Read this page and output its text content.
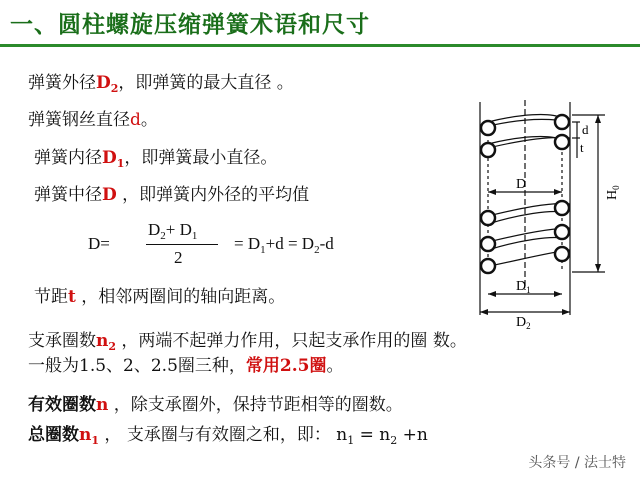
一、圆柱螺旋压缩弹簧术语和尺寸
弹簧外径$D_2$，即弹簧的最大直径 。
弹簧钢丝直径d。
弹簧内径$D_1$，即弹簧最小直径。
弹簧中径D ，即弹簧内外径的平均值
D=
$D_2+ D_1$
2
= $D_1+d = D_2-d$
节距t ，相邻两圈间的轴向距离。
支承圈数$n_2$ ，两端不起弹力作用，只起支承作用的圈 数。
一般为1.5、2、2.5圈三种，常用2.5圈。
有效圈数n ，除支承圈外，保持节距相等的圈数。
总圈数$n_1$ ， 支承圈与有效圈之和，即： $n_1 = n_2 +n$
D
$D_1$
$D_2$
d
t
$H_0$
头条号 / 法士特
